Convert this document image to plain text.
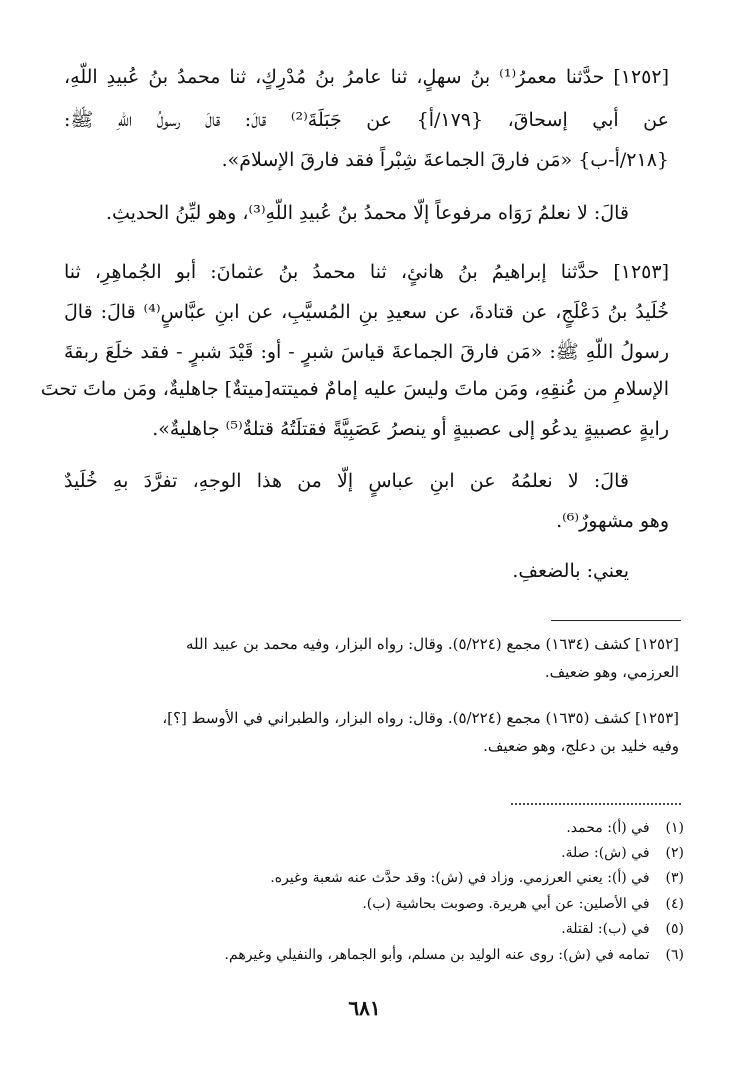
[١٢٥٢] حدَّثنا معمرُ⁽¹⁾ بنُ سهلٍ، ثنا عامرُ بنُ مُدْرِكٍ، ثنا محمدُ بنُ عُبيدِ اللّهِ،
عن أبي إسحاقَ، {١٧٩/أ} عن جَبَلَةَ⁽²⁾ قالَ: قالَ رسولُ اللّهِ ﷺ:
{٢١٨/أ-ب} «مَن فارقَ الجماعةَ شِبْراً فقد فارقَ الإسلامَ».
قالَ: لا نعلمُ رَوَاه مرفوعاً إلّا محمدُ بنُ عُبيدِ اللّهِ⁽³⁾، وهو ليِّنُ الحديثِ.
[١٢٥٣] حدَّثنا إبراهيمُ بنُ هانئٍ، ثنا محمدُ بنُ عثمانَ: أبو الجُماهِرِ، ثنا
خُلَيدُ بنُ دَعْلَجٍ، عن قتادةَ، عن سعيدِ بنِ المُسيَّبِ، عن ابنِ عبَّاسٍ⁽⁴⁾ قالَ: قالَ
رسولُ اللّهِ ﷺ: «مَن فارقَ الجماعةَ قياسَ شبرٍ - أو: قَيْدَ شبرٍ - فقد خلَعَ ربقةَ
الإسلامِ من عُنقِهِ، ومَن ماتَ وليسَ عليه إمامٌ فميتته[ميتةٌ] جاهليةٌ، ومَن ماتَ تحتَ
رايةٍ عصبيةٍ يدعُو إلى عصبيةٍ أو ينصرُ عَصَبِيَّةً فقتلَتُهُ قتلةٌ⁽⁵⁾ جاهليةٌ».
قالَ: لا نعلمُهُ عن ابنِ عباسٍ إلّا من هذا الوجهِ، تفرَّدَ بهِ خُلَيدٌ
وهو مشهورٌ⁽⁶⁾.
يعني: بالضعفِ.
[١٢٥٢] كشف (١٦٣٤) مجمع (٥/٢٢٤). وقال: رواه البزار، وفيه محمد بن عبيد الله
العرزمي، وهو ضعيف.
[١٢٥٣] كشف (١٦٣٥) مجمع (٥/٢٢٤). وقال: رواه البزار، والطبراني في الأوسط [؟]،
وفيه خليد بن دعلج، وهو ضعيف.
(١) في (أ): محمد.
(٢) في (ش): صلة.
(٣) في (أ): يعني العرزمي. وزاد في (ش): وقد حدَّث عنه شعبة وغيره.
(٤) في الأصلين: عن أبي هريرة. وصوبت بحاشية (ب).
(٥) في (ب): لقتلة.
(٦) تمامه في (ش): روى عنه الوليد بن مسلم، وأبو الجماهر، والنفيلي وغيرهم.
٦٨١
